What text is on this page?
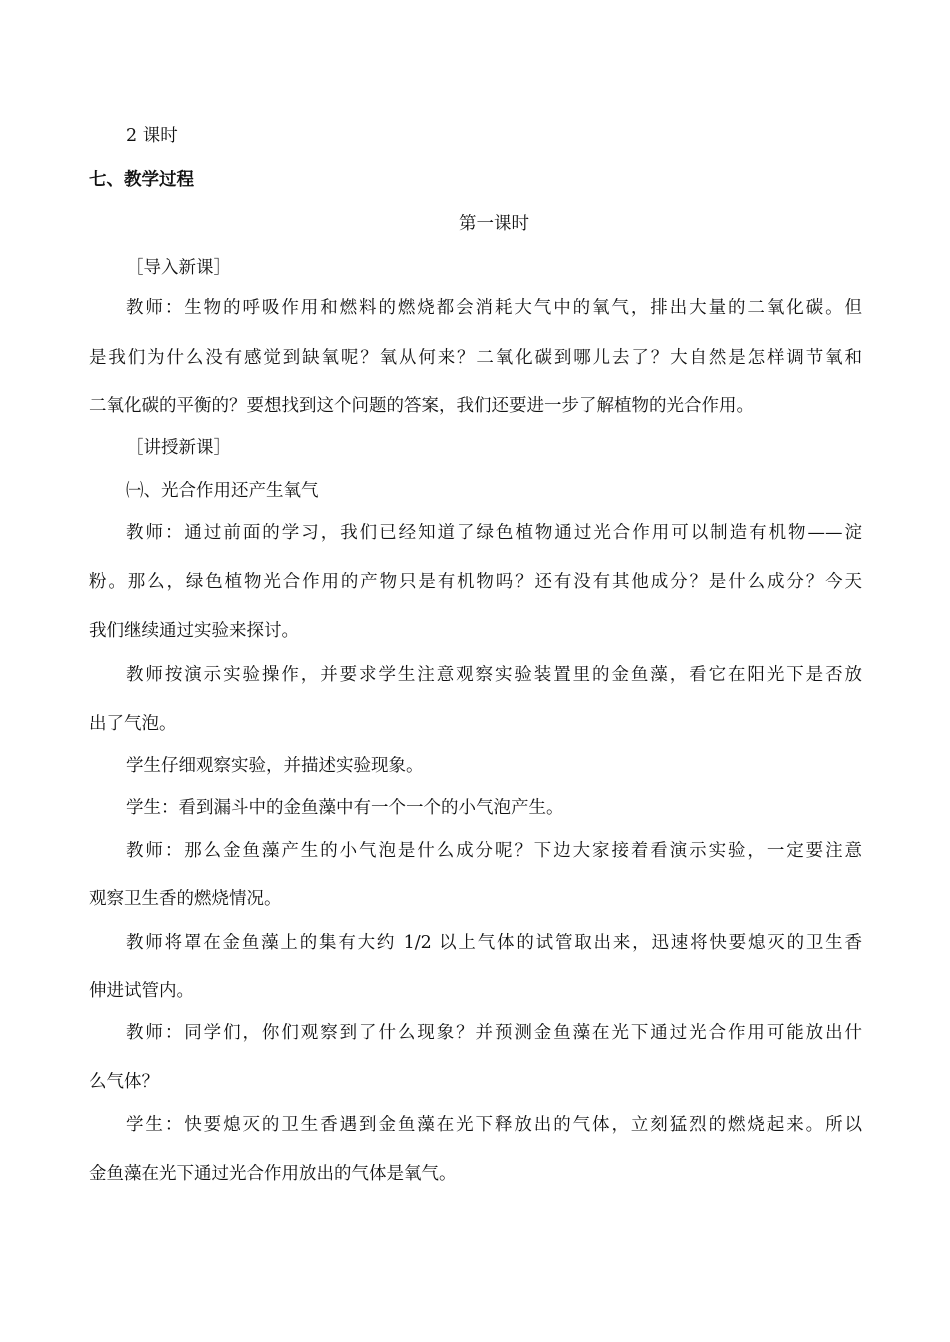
2 课时
七、教学过程
第一课时
［导入新课］
教师：生物的呼吸作用和燃料的燃烧都会消耗大气中的氧气，排出大量的二氧化碳。但
是我们为什么没有感觉到缺氧呢？氧从何来？二氧化碳到哪儿去了？大自然是怎样调节氧和
二氧化碳的平衡的？要想找到这个问题的答案，我们还要进一步了解植物的光合作用。
［讲授新课］
㈠、光合作用还产生氧气
教师：通过前面的学习，我们已经知道了绿色植物通过光合作用可以制造有机物——淀
粉。那么，绿色植物光合作用的产物只是有机物吗？还有没有其他成分？是什么成分？今天
我们继续通过实验来探讨。
教师按演示实验操作，并要求学生注意观察实验装置里的金鱼藻，看它在阳光下是否放
出了气泡。
学生仔细观察实验，并描述实验现象。
学生：看到漏斗中的金鱼藻中有一个一个的小气泡产生。
教师：那么金鱼藻产生的小气泡是什么成分呢？下边大家接着看演示实验，一定要注意
观察卫生香的燃烧情况。
教师将罩在金鱼藻上的集有大约 1/2 以上气体的试管取出来，迅速将快要熄灭的卫生香
伸进试管内。
教师：同学们，你们观察到了什么现象？并预测金鱼藻在光下通过光合作用可能放出什
么气体？
学生：快要熄灭的卫生香遇到金鱼藻在光下释放出的气体，立刻猛烈的燃烧起来。所以
金鱼藻在光下通过光合作用放出的气体是氧气。
